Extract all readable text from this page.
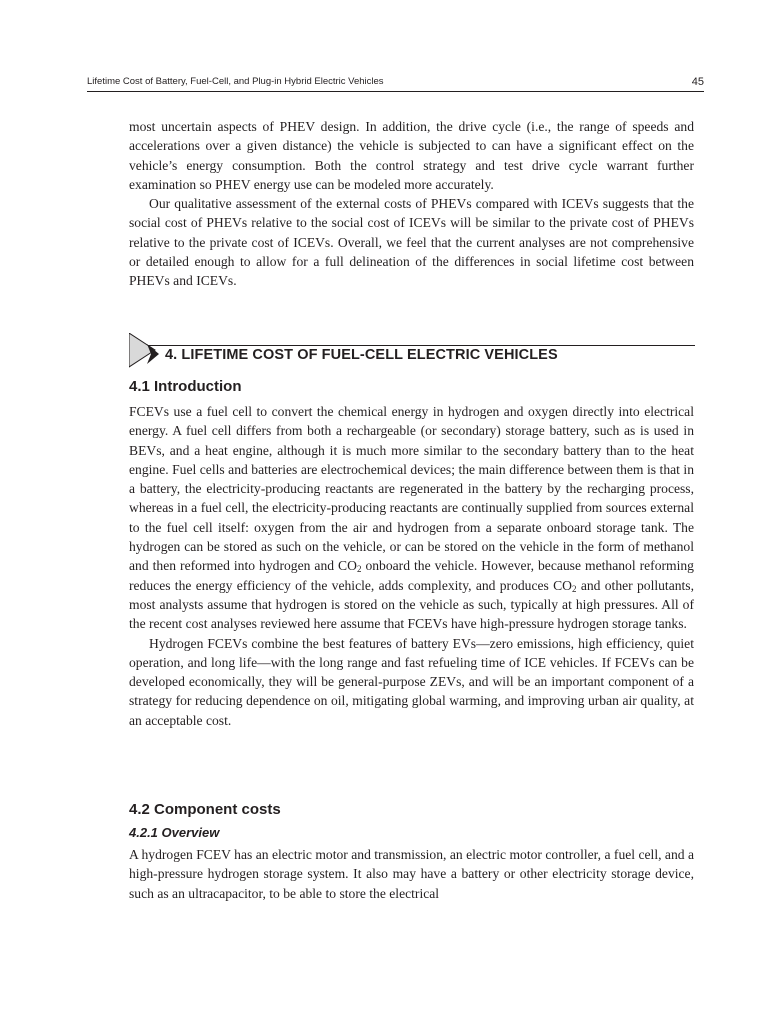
Lifetime Cost of Battery, Fuel-Cell, and Plug-in Hybrid Electric Vehicles	45

most uncertain aspects of PHEV design. In addition, the drive cycle (i.e., the range of speeds and accelerations over a given distance) the vehicle is subjected to can have a significant effect on the vehicle’s energy consumption. Both the control strategy and test drive cycle warrant further examination so PHEV energy use can be modeled more accurately.

Our qualitative assessment of the external costs of PHEVs compared with ICEVs suggests that the social cost of PHEVs relative to the social cost of ICEVs will be similar to the private cost of PHEVs relative to the private cost of ICEVs. Overall, we feel that the current analyses are not comprehensive or detailed enough to allow for a full delineation of the differences in social lifetime cost between PHEVs and ICEVs.

4. LIFETIME COST OF FUEL-CELL ELECTRIC VEHICLES
4.1 Introduction

FCEVs use a fuel cell to convert the chemical energy in hydrogen and oxygen directly into electrical energy. A fuel cell differs from both a rechargeable (or secondary) storage battery, such as is used in BEVs, and a heat engine, although it is much more similar to the secondary battery than to the heat engine. Fuel cells and batteries are electrochemical devices; the main difference between them is that in a battery, the electricity-producing reactants are regenerated in the battery by the recharging process, whereas in a fuel cell, the electricity-producing reactants are continually supplied from sources external to the fuel cell itself: oxygen from the air and hydrogen from a separate onboard storage tank. The hydrogen can be stored as such on the vehicle, or can be stored on the vehicle in the form of methanol and then reformed into hydrogen and $CO_2$ onboard the vehicle. However, because methanol reforming reduces the energy efficiency of the vehicle, adds complexity, and produces $CO_2$ and other pollutants, most analysts assume that hydrogen is stored on the vehicle as such, typically at high pressures. All of the recent cost analyses reviewed here assume that FCEVs have high-pressure hydrogen storage tanks.

Hydrogen FCEVs combine the best features of battery EVs—zero emissions, high efficiency, quiet operation, and long life—with the long range and fast refueling time of ICE vehicles. If FCEVs can be developed economically, they will be general-purpose ZEVs, and will be an important component of a strategy for reducing dependence on oil, mitigating global warming, and improving urban air quality, at an acceptable cost.

4.2 Component costs
4.2.1 Overview

A hydrogen FCEV has an electric motor and transmission, an electric motor controller, a fuel cell, and a high-pressure hydrogen storage system. It also may have a battery or other electricity storage device, such as an ultracapacitor, to be able to store the electrical
